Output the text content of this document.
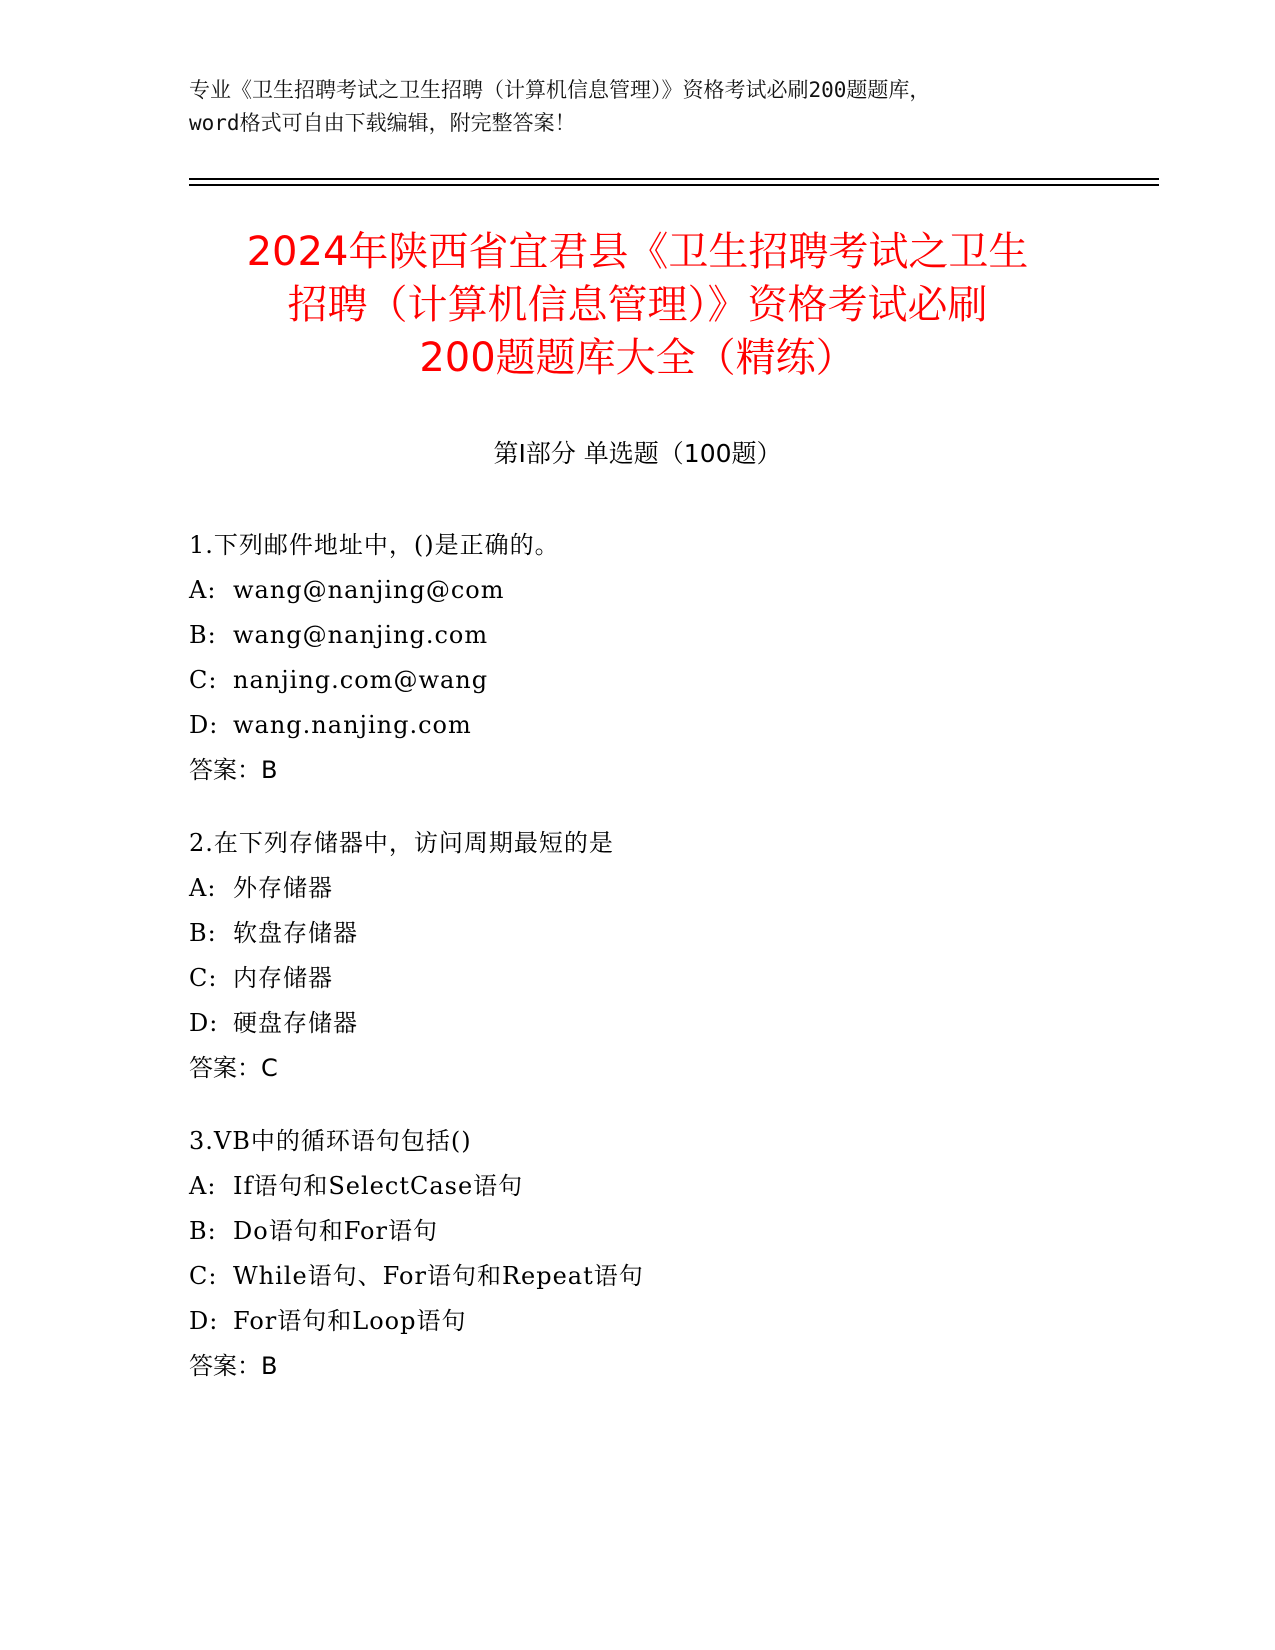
专业《卫生招聘考试之卫生招聘（计算机信息管理）》资格考试必刷200题题库，
word格式可自由下载编辑，附完整答案！
2024年陕西省宜君县《卫生招聘考试之卫生
招聘（计算机信息管理）》资格考试必刷
200题题库大全（精练）
第I部分 单选题（100题）
1.下列邮件地址中，()是正确的。
A: wang@nanjing@com
B: wang@nanjing.com
C: nanjing.com@wang
D: wang.nanjing.com
答案：B
2.在下列存储器中，访问周期最短的是
A: 外存储器
B: 软盘存储器
C: 内存储器
D: 硬盘存储器
答案：C
3.VB中的循环语句包括()
A: If语句和SelectCase语句
B: Do语句和For语句
C: While语句、For语句和Repeat语句
D: For语句和Loop语句
答案：B
